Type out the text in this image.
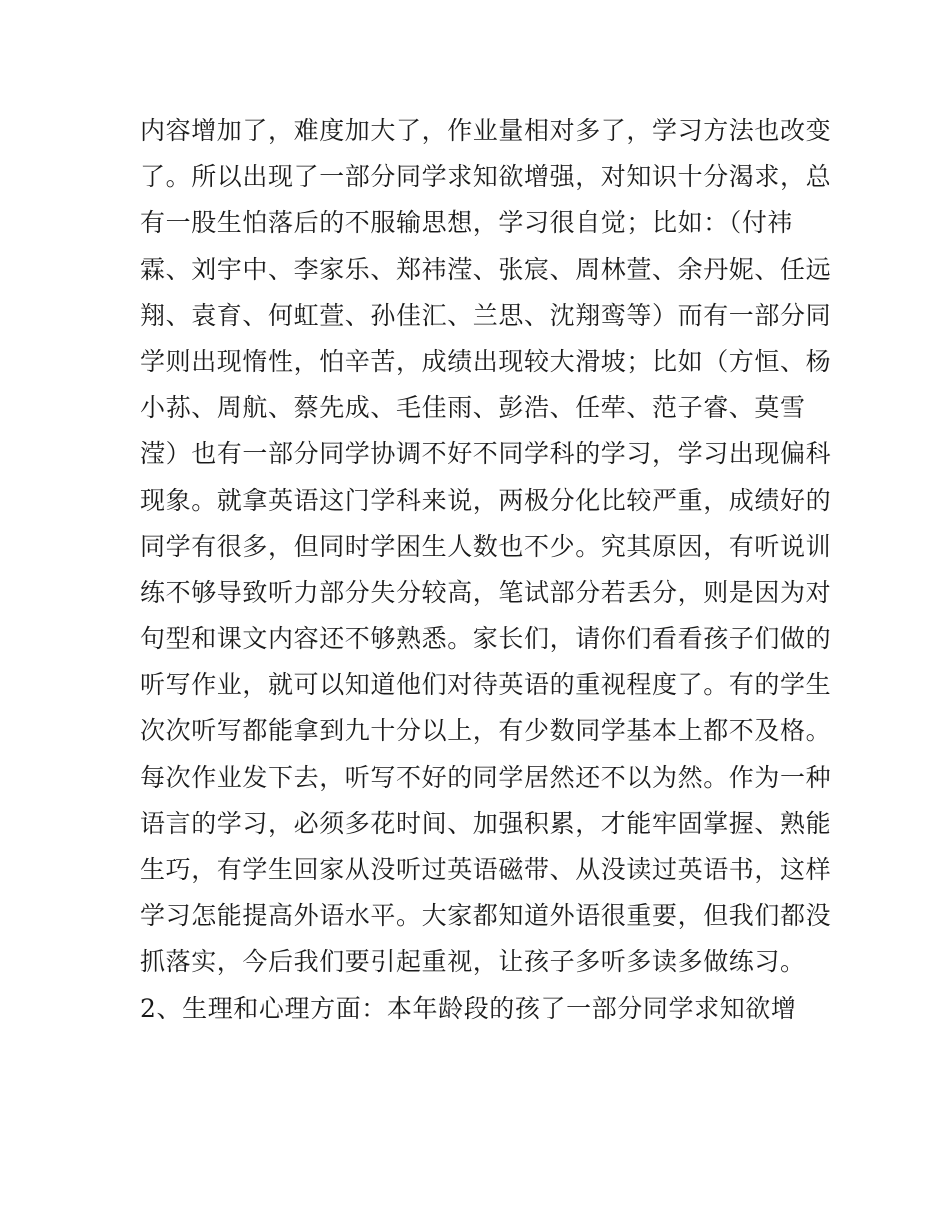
内容增加了，难度加大了，作业量相对多了，学习方法也改变
了。所以出现了一部分同学求知欲增强，对知识十分渴求，总
有一股生怕落后的不服输思想，学习很自觉；比如：（付祎
霖、刘宇中、李家乐、郑祎滢、张宸、周林萱、余丹妮、任远
翔、袁育、何虹萱、孙佳汇、兰思、沈翔鸾等）而有一部分同
学则出现惰性，怕辛苦，成绩出现较大滑坡；比如（方恒、杨
小荪、周航、蔡先成、毛佳雨、彭浩、任荦、范子睿、莫雪
滢）也有一部分同学协调不好不同学科的学习，学习出现偏科
现象。就拿英语这门学科来说，两极分化比较严重，成绩好的
同学有很多，但同时学困生人数也不少。究其原因，有听说训
练不够导致听力部分失分较高，笔试部分若丢分，则是因为对
句型和课文内容还不够熟悉。家长们，请你们看看孩子们做的
听写作业，就可以知道他们对待英语的重视程度了。有的学生
次次听写都能拿到九十分以上，有少数同学基本上都不及格。
每次作业发下去，听写不好的同学居然还不以为然。作为一种
语言的学习，必须多花时间、加强积累，才能牢固掌握、熟能
生巧，有学生回家从没听过英语磁带、从没读过英语书，这样
学习怎能提高外语水平。大家都知道外语很重要，但我们都没
抓落实，今后我们要引起重视，让孩子多听多读多做练习。
2、生理和心理方面：本年龄段的孩了一部分同学求知欲增
